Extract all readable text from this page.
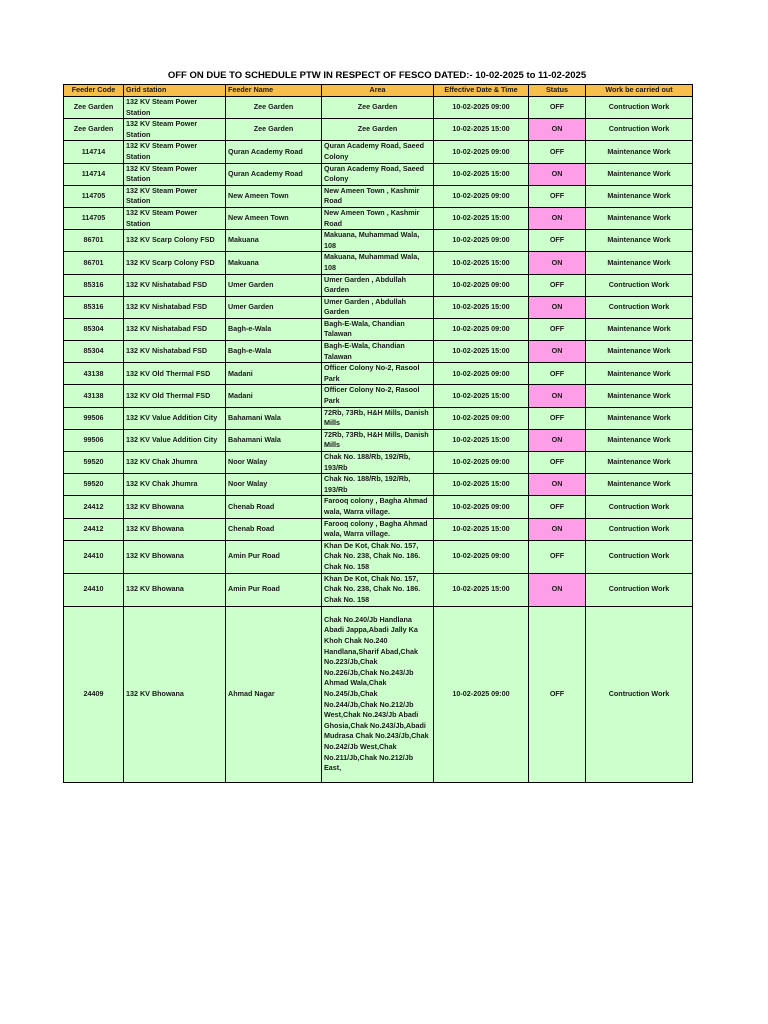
OFF ON DUE TO SCHEDULE PTW IN RESPECT OF FESCO DATED:- 10-02-2025 to 11-02-2025
Feeder Code	Grid station	Feeder Name	Area	Effective Date & Time	Status	Work be carried out
Zee Garden	132 KV Steam Power Station	Zee Garden	Zee Garden	10-02-2025 09:00	OFF	Contruction Work
Zee Garden	132 KV Steam Power Station	Zee Garden	Zee Garden	10-02-2025 15:00	ON	Contruction Work
114714	132 KV Steam Power Station	Quran Academy Road	Quran Academy Road, Saeed Colony	10-02-2025 09:00	OFF	Maintenance Work
114714	132 KV Steam Power Station	Quran Academy Road	Quran Academy Road, Saeed Colony	10-02-2025 15:00	ON	Maintenance Work
114705	132 KV Steam Power Station	New Ameen Town	New Ameen Town , Kashmir Road	10-02-2025 09:00	OFF	Maintenance Work
114705	132 KV Steam Power Station	New Ameen Town	New Ameen Town , Kashmir Road	10-02-2025 15:00	ON	Maintenance Work
86701	132 KV Scarp Colony FSD	Makuana	Makuana, Muhammad Wala, 108	10-02-2025 09:00	OFF	Maintenance Work
86701	132 KV Scarp Colony FSD	Makuana	Makuana, Muhammad Wala, 108	10-02-2025 15:00	ON	Maintenance Work
85316	132 KV Nishatabad FSD	Umer Garden	Umer Garden , Abdullah Garden	10-02-2025 09:00	OFF	Contruction Work
85316	132 KV Nishatabad FSD	Umer Garden	Umer Garden , Abdullah Garden	10-02-2025 15:00	ON	Contruction Work
85304	132 KV Nishatabad FSD	Bagh-e-Wala	Bagh-E-Wala, Chandian Talawan	10-02-2025 09:00	OFF	Maintenance Work
85304	132 KV Nishatabad FSD	Bagh-e-Wala	Bagh-E-Wala, Chandian Talawan	10-02-2025 15:00	ON	Maintenance Work
43138	132 KV Old Thermal FSD	Madani	Officer Colony No-2, Rasool Park	10-02-2025 09:00	OFF	Maintenance Work
43138	132 KV Old Thermal FSD	Madani	Officer Colony No-2, Rasool Park	10-02-2025 15:00	ON	Maintenance Work
99506	132 KV Value Addition City	Bahamani Wala	72Rb, 73Rb, H&H Mills, Danish Mills	10-02-2025 09:00	OFF	Maintenance Work
99506	132 KV Value Addition City	Bahamani Wala	72Rb, 73Rb, H&H Mills, Danish Mills	10-02-2025 15:00	ON	Maintenance Work
59520	132 KV Chak Jhumra	Noor Walay	Chak No. 188/Rb, 192/Rb, 193/Rb	10-02-2025 09:00	OFF	Maintenance Work
59520	132 KV Chak Jhumra	Noor Walay	Chak No. 188/Rb, 192/Rb, 193/Rb	10-02-2025 15:00	ON	Maintenance Work
24412	132 KV Bhowana	Chenab Road	Farooq colony , Bagha Ahmad wala, Warra village.	10-02-2025 09:00	OFF	Contruction Work
24412	132 KV Bhowana	Chenab Road	Farooq colony , Bagha Ahmad wala, Warra village.	10-02-2025 15:00	ON	Contruction Work
24410	132 KV Bhowana	Amin Pur Road	Khan De Kot, Chak No. 157, Chak No. 238, Chak No. 186. Chak No. 158	10-02-2025 09:00	OFF	Contruction Work
24410	132 KV Bhowana	Amin Pur Road	Khan De Kot, Chak No. 157, Chak No. 238, Chak No. 186. Chak No. 158	10-02-2025 15:00	ON	Contruction Work
24409	132 KV Bhowana	Ahmad Nagar	Chak No.240/Jb Handlana Abadi Jappa,Abadi Jally Ka Khoh Chak No.240 Handlana,Sharif Abad,Chak No.223/Jb,Chak No.226/Jb,Chak No.243/Jb Ahmad Wala,Chak No.245/Jb,Chak No.244/Jb,Chak No.212/Jb West,Chak No.243/Jb Abadi Ghosia,Chak No.243/Jb,Abadi Mudrasa Chak No.243/Jb,Chak No.242/Jb West,Chak No.211/Jb,Chak No.212/Jb East,	10-02-2025 09:00	OFF	Contruction Work
